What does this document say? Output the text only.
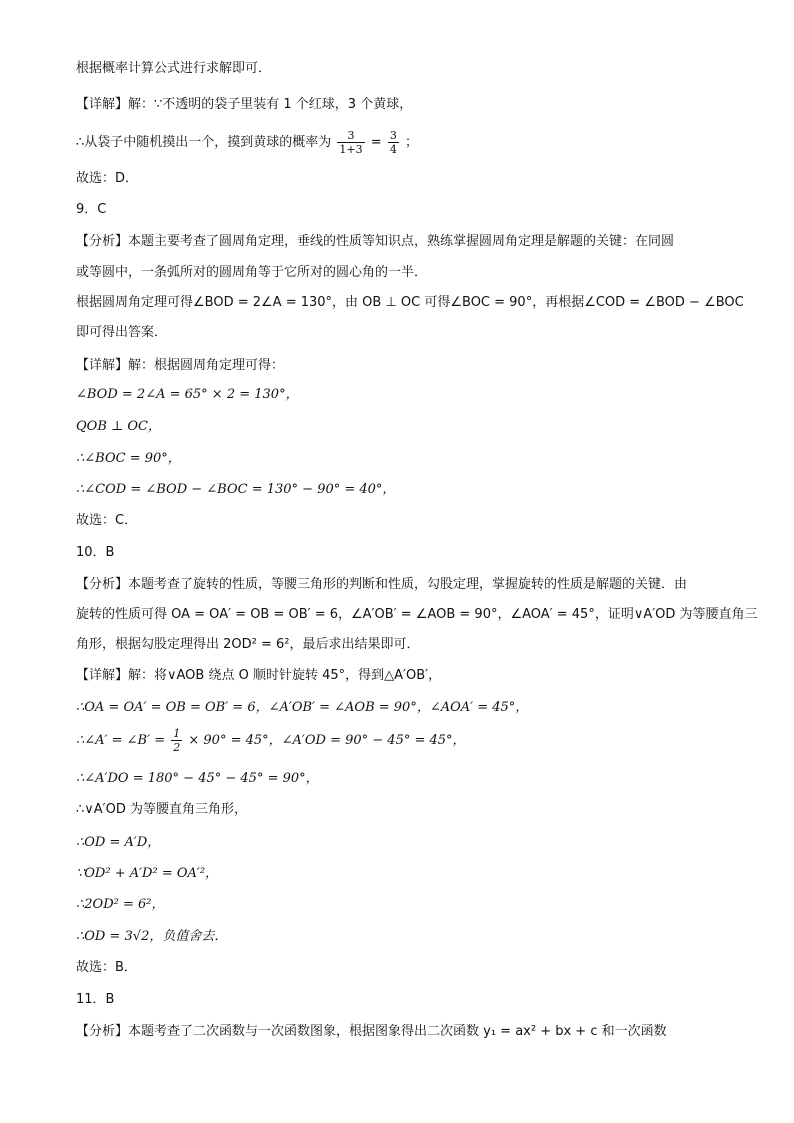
根据概率计算公式进行求解即可．
【详解】解：∵不透明的袋子里装有 1 个红球，3 个黄球，
∴从袋子中随机摸出一个，摸到黄球的概率为 $\frac{3}{1+3} = \frac{3}{4}$ ；
故选：D．
9．C
【分析】本题主要考查了圆周角定理，垂线的性质等知识点，熟练掌握圆周角定理是解题的关键：在同圆
或等圆中，一条弧所对的圆周角等于它所对的圆心角的一半．
根据圆周角定理可得∠BOD = 2∠A = 130°，由 OB ⊥ OC 可得∠BOC = 90°，再根据∠COD = ∠BOD − ∠BOC
即可得出答案．
【详解】解：根据圆周角定理可得：
∠BOD = 2∠A = 65° × 2 = 130°，
QOB ⊥ OC，
∴∠BOC = 90°，
∴∠COD = ∠BOD − ∠BOC = 130° − 90° = 40°，
故选：C．
10．B
【分析】本题考查了旋转的性质，等腰三角形的判断和性质，勾股定理，掌握旋转的性质是解题的关键．由
旋转的性质可得 OA = OA′ = OB = OB′ = 6，∠A′OB′ = ∠AOB = 90°，∠AOA′ = 45°，证明∨A′OD 为等腰直角三
角形，根据勾股定理得出 2OD² = 6²，最后求出结果即可．
【详解】解：将∨AOB 绕点 O 顺时针旋转 45°，得到△A′OB′，
∴OA = OA′ = OB = OB′ = 6，∠A′OB′ = ∠AOB = 90°，∠AOA′ = 45°，
∴∠A′ = ∠B′ = $\frac{1}{2} \times 90^\circ = 45^\circ$，∠A′OD = 90° − 45° = 45°，
∴∠A′DO = 180° − 45° − 45° = 90°，
∴∨A′OD 为等腰直角三角形，
∴OD = A′D，
∵OD² + A′D² = OA′²，
∴2OD² = 6²，
∴OD = 3√2，负值舍去．
故选：B．
11．B
【分析】本题考查了二次函数与一次函数图象，根据图象得出二次函数 y₁ = ax² + bx + c 和一次函数
